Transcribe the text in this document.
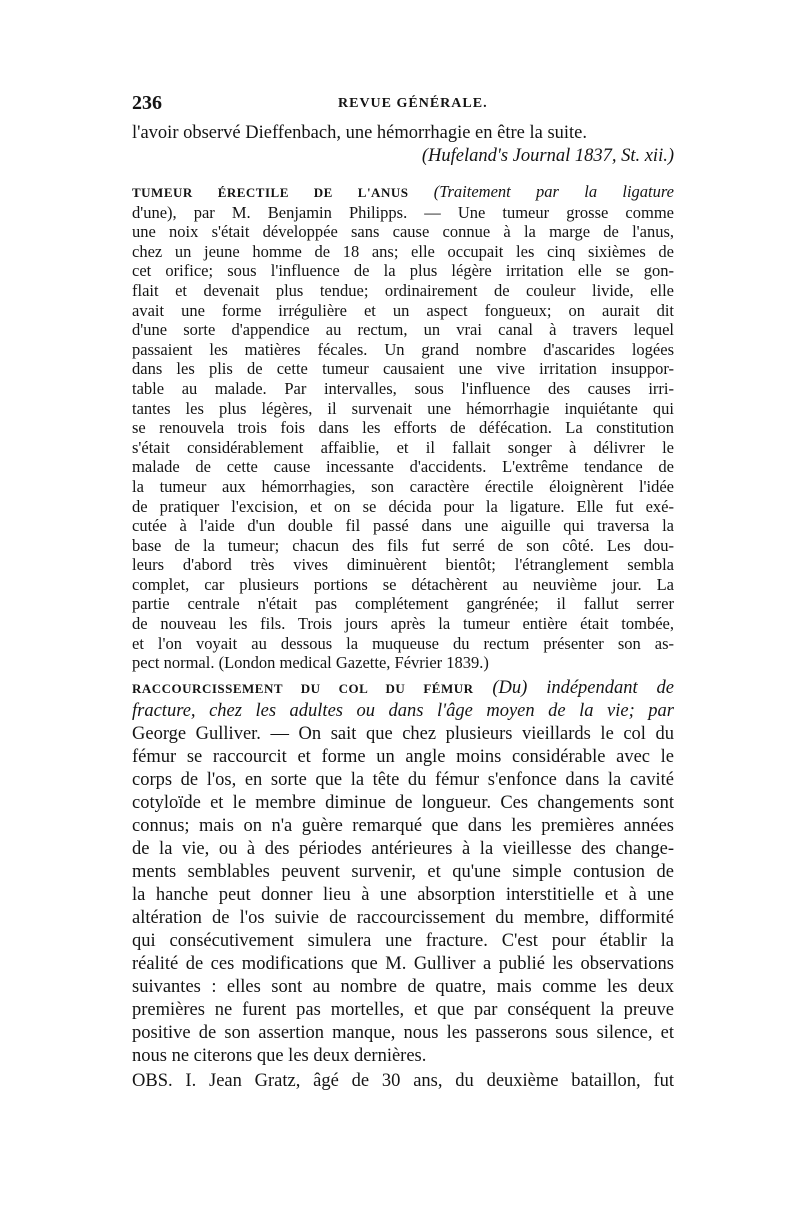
236	REVUE GÉNÉRALE.
l'avoir observé Dieffenbach, une hémorrhagie en être la suite.
(Hufeland's Journal 1837, St. xii.)
TUMEUR ÉRECTILE DE L'ANUS (Traitement par la ligature
d'une), par M. Benjamin Philipps. — Une tumeur grosse comme
une noix s'était développée sans cause connue à la marge de l'anus,
chez un jeune homme de 18 ans; elle occupait les cinq sixièmes de
cet orifice; sous l'influence de la plus légère irritation elle se gon-
flait et devenait plus tendue; ordinairement de couleur livide, elle
avait une forme irrégulière et un aspect fongueux; on aurait dit
d'une sorte d'appendice au rectum, un vrai canal à travers lequel
passaient les matières fécales. Un grand nombre d'ascarides logées
dans les plis de cette tumeur causaient une vive irritation insuppor-
table au malade. Par intervalles, sous l'influence des causes irri-
tantes les plus légères, il survenait une hémorrhagie inquiétante qui
se renouvela trois fois dans les efforts de défécation. La constitution
s'était considérablement affaiblie, et il fallait songer à délivrer le
malade de cette cause incessante d'accidents. L'extrême tendance de
la tumeur aux hémorrhagies, son caractère érectile éloignèrent l'idée
de pratiquer l'excision, et on se décida pour la ligature. Elle fut exé-
cutée à l'aide d'un double fil passé dans une aiguille qui traversa la
base de la tumeur; chacun des fils fut serré de son côté. Les dou-
leurs d'abord très vives diminuèrent bientôt; l'étranglement sembla
complet, car plusieurs portions se détachèrent au neuvième jour. La
partie centrale n'était pas complétement gangrénée; il fallut serrer
de nouveau les fils. Trois jours après la tumeur entière était tombée,
et l'on voyait au dessous la muqueuse du rectum présenter son as-
pect normal. (London medical Gazette, Février 1839.)
RACCOURCISSEMENT DU COL DU FÉMUR (Du) indépendant de
fracture, chez les adultes ou dans l'âge moyen de la vie; par
George Gulliver. — On sait que chez plusieurs vieillards le col du
fémur se raccourcit et forme un angle moins considérable avec le
corps de l'os, en sorte que la tête du fémur s'enfonce dans la cavité
cotyloïde et le membre diminue de longueur. Ces changements sont
connus; mais on n'a guère remarqué que dans les premières années
de la vie, ou à des périodes antérieures à la vieillesse des change-
ments semblables peuvent survenir, et qu'une simple contusion de
la hanche peut donner lieu à une absorption interstitielle et à une
altération de l'os suivie de raccourcissement du membre, difformité
qui consécutivement simulera une fracture. C'est pour établir la
réalité de ces modifications que M. Gulliver a publié les observations
suivantes : elles sont au nombre de quatre, mais comme les deux
premières ne furent pas mortelles, et que par conséquent la preuve
positive de son assertion manque, nous les passerons sous silence, et
nous ne citerons que les deux dernières.
OBS. I. Jean Gratz, âgé de 30 ans, du deuxième bataillon, fut
